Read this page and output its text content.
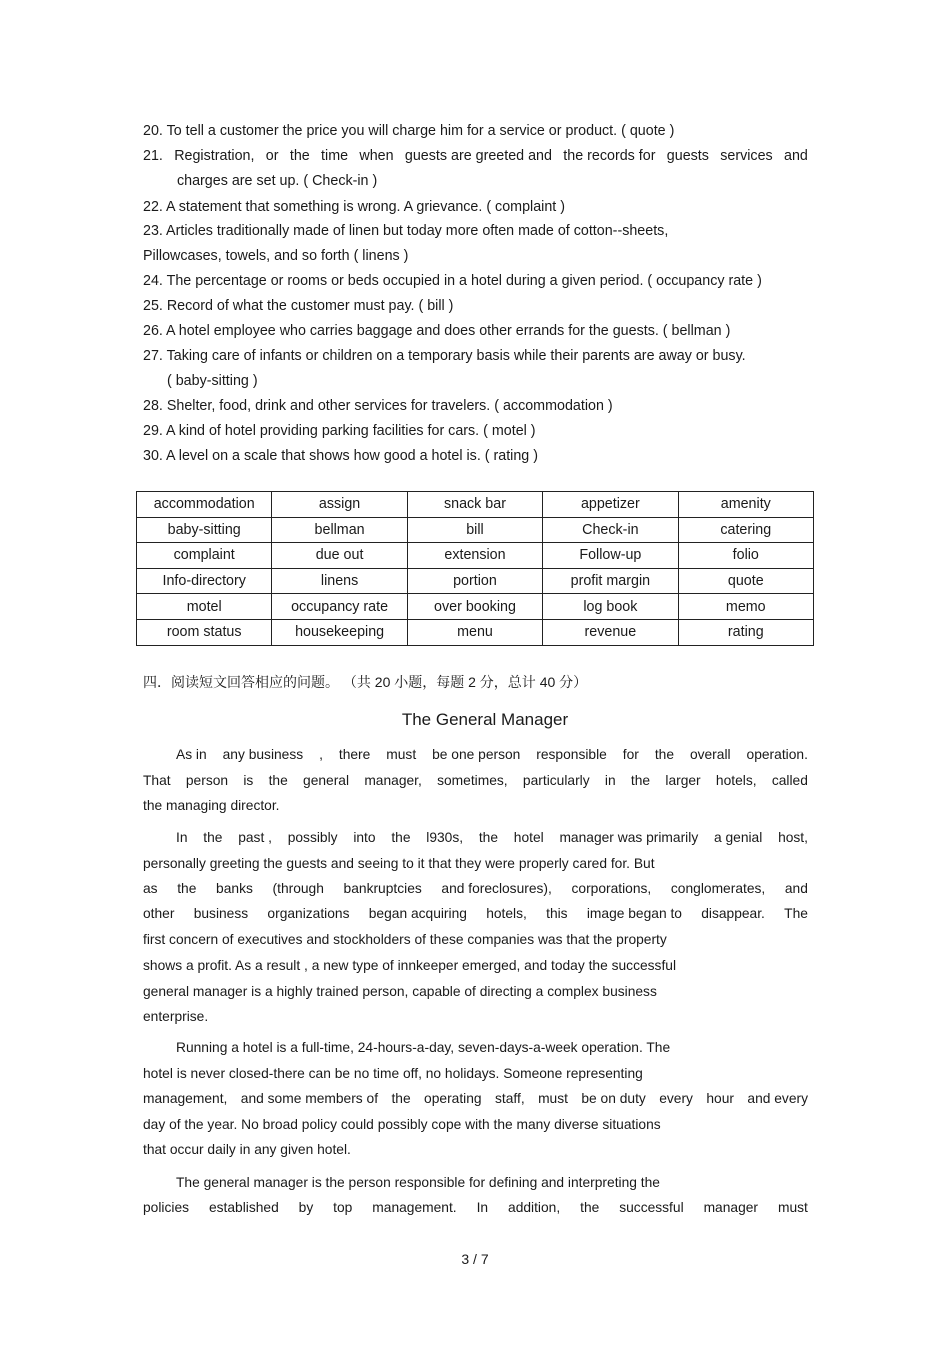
20. To tell a customer the price you will charge him for a service or product. ( quote )
21. Registration, or the time when guests are greeted and the records for guests services and
charges are set up. ( Check-in )
22. A statement that something is wrong. A grievance. ( complaint )
23. Articles traditionally made of linen but today more often made of cotton--sheets,
Pillowcases, towels, and so forth ( linens )
24. The percentage or rooms or beds occupied in a hotel during a given period. ( occupancy rate )
25. Record of what the customer must pay. ( bill )
26. A hotel employee who carries baggage and does other errands for the guests. ( bellman )
27. Taking care of infants or children on a temporary basis while their parents are away or busy.
( baby-sitting )
28. Shelter, food, drink and other services for travelers. ( accommodation )
29. A kind of hotel providing parking facilities for cars. ( motel )
30. A level on a scale that shows how good a hotel is. ( rating )
accommodation	assign	snack bar	appetizer	amenity
baby-sitting	bellman	bill	Check-in	catering
complaint	due out	extension	Follow-up	folio
Info-directory	linens	portion	profit margin	quote
motel	occupancy rate	over booking	log book	memo
room status	housekeeping	menu	revenue	rating
四．阅读短文回答相应的问题。 （共 20 小题，每题 2 分，总计 40 分）
The General Manager
As in any business , there must be one person responsible for the overall operation.
That person is the general manager, sometimes, particularly in the larger hotels, called
the managing director.
In the past , possibly into the l930s, the hotel manager was primarily a genial host,
personally greeting the guests and seeing to it that they were properly cared for. But
as the banks (through bankruptcies and foreclosures), corporations, conglomerates, and
other business organizations began acquiring hotels, this image began to disappear. The
first concern of executives and stockholders of these companies was that the property
shows a profit. As a result , a new type of innkeeper emerged, and today the successful
general manager is a highly trained person, capable of directing a complex business
enterprise.
Running a hotel is a full-time, 24-hours-a-day, seven-days-a-week operation. The
hotel is never closed-there can be no time off, no holidays. Someone representing
management, and some members of the operating staff, must be on duty every hour and every
day of the year. No broad policy could possibly cope with the many diverse situations
that occur daily in any given hotel.
The general manager is the person responsible for defining and interpreting the
policies established by top management. In addition, the successful manager must
3 / 7
